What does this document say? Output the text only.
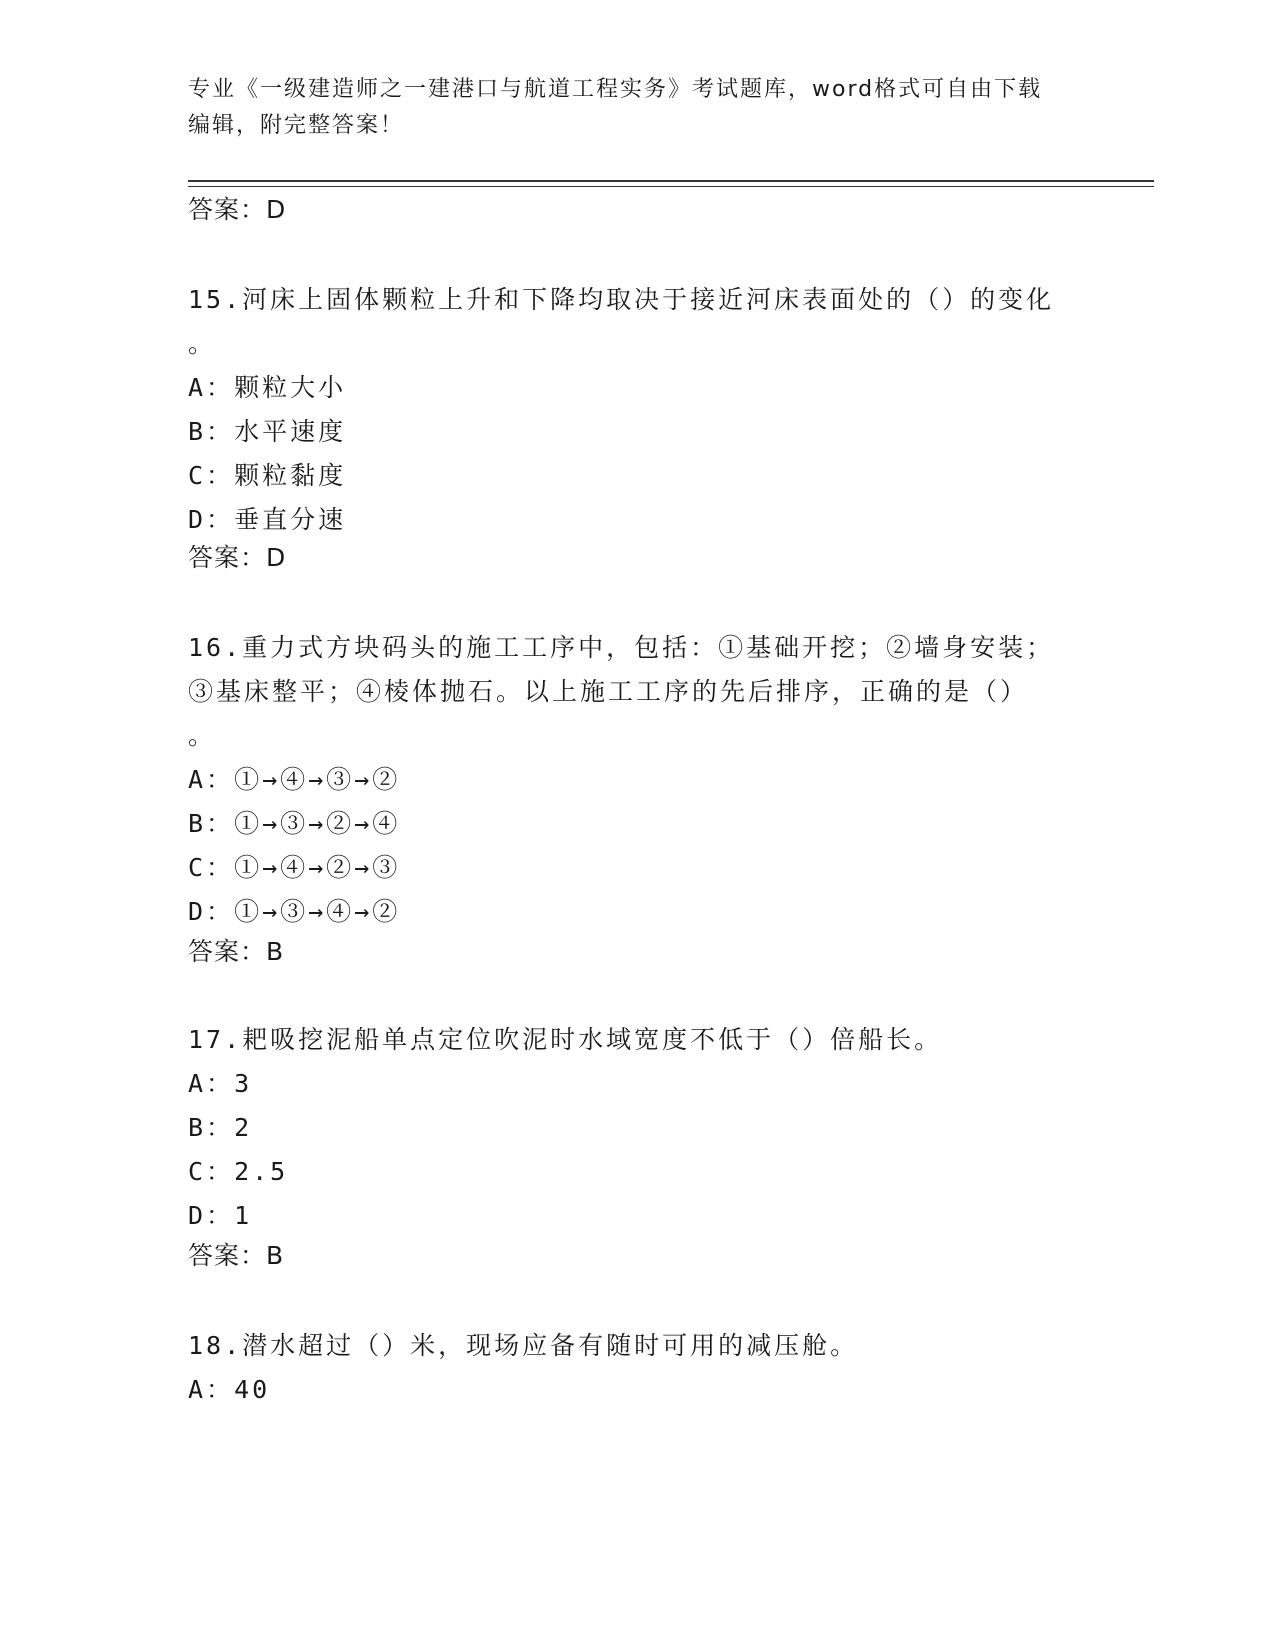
专业《一级建造师之一建港口与航道工程实务》考试题库，word格式可自由下载
编辑，附完整答案！
答案：D
15.河床上固体颗粒上升和下降均取决于接近河床表面处的（）的变化
。
A：颗粒大小
B：水平速度
C：颗粒黏度
D：垂直分速
答案：D
16.重力式方块码头的施工工序中，包括：①基础开挖；②墙身安装；
③基床整平；④棱体抛石。以上施工工序的先后排序，正确的是（）
。
A：①→④→③→②
B：①→③→②→④
C：①→④→②→③
D：①→③→④→②
答案：B
17.耙吸挖泥船单点定位吹泥时水域宽度不低于（）倍船长。
A：3
B：2
C：2.5
D：1
答案：B
18.潜水超过（）米，现场应备有随时可用的减压舱。
A：40
